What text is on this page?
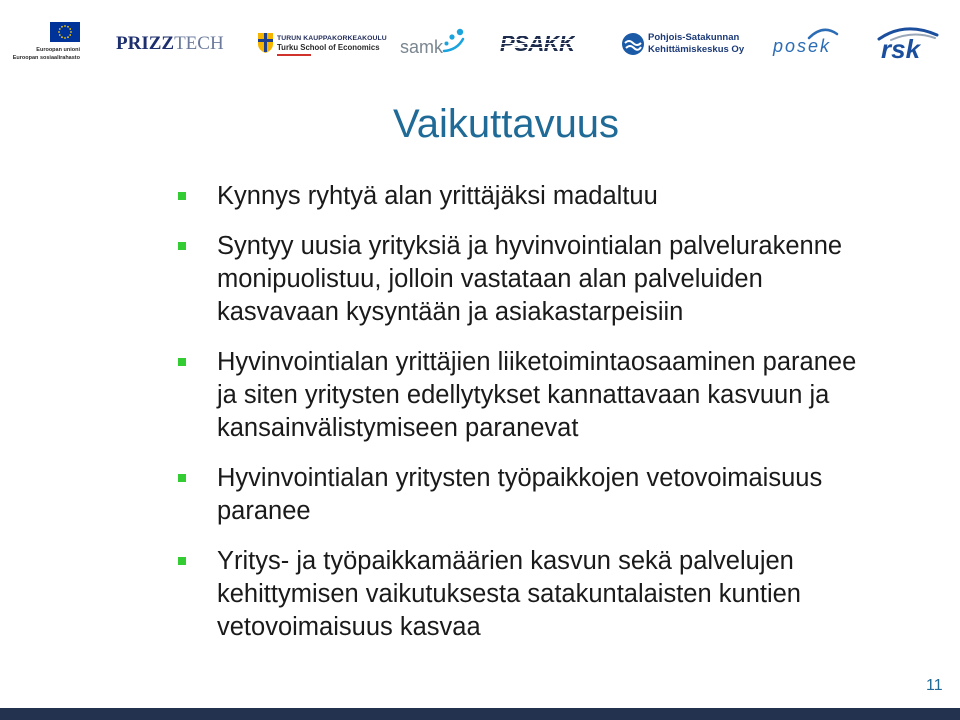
Euroopan unioni
Euroopan sosiaalirahasto
PRIZZTECH	TURUN KAUPPAKORKEAKOULU
Turku School of Economics	samk	PSAKK	Pohjois-Satakunnan
Kehittämiskeskus Oy posek rsk
Vaikuttavuus
Kynnys ryhtyä alan yrittäjäksi madaltuu
Syntyy uusia yrityksiä ja hyvinvointialan palvelurakenne
monipuolistuu, jolloin vastataan alan palveluiden
kasvavaan kysyntään ja asiakastarpeisiin
Hyvinvointialan yrittäjien liiketoimintaosaaminen paranee
ja siten yritysten edellytykset kannattavaan kasvuun ja
kansainvälistymiseen paranevat
Hyvinvointialan yritysten työpaikkojen vetovoimaisuus
paranee
Yritys- ja työpaikkamäärien kasvun sekä palvelujen
kehittymisen vaikutuksesta satakuntalaisten kuntien
vetovoimaisuus kasvaa
11
